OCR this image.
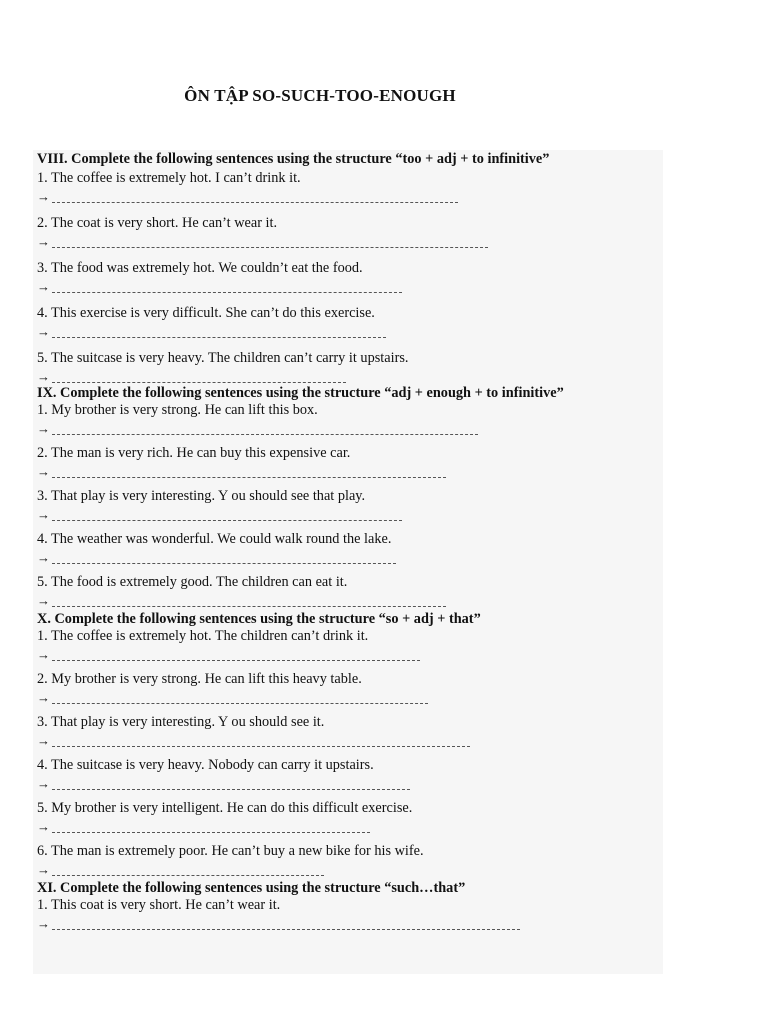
ÔN TẬP SO-SUCH-TOO-ENOUGH
VIII. Complete the following sentences using the structure “too + adj + to infinitive”
1. The coffee is extremely hot. I can’t drink it.
→
2. The coat is very short. He can’t wear it.
→
3. The food was extremely hot. We couldn’t eat the food.
→
4. This exercise is very difficult. She can’t do this exercise.
→
5. The suitcase is very heavy. The children can’t carry it upstairs.
→
IX. Complete the following sentences using the structure “adj + enough + to infinitive”
1. My brother is very strong. He can lift this box.
→
2. The man is very rich. He can buy this expensive car.
→
3. That play is very interesting. Y ou should see that play.
→
4. The weather was wonderful. We could walk round the lake.
→
5. The food is extremely good. The children can eat it.
→
X. Complete the following sentences using the structure “so + adj + that”
1. The coffee is extremely hot. The children can’t drink it.
→
2. My brother is very strong. He can lift this heavy table.
→
3. That play is very interesting. Y ou should see it.
→
4. The suitcase is very heavy. Nobody can carry it upstairs.
→
5. My brother is very intelligent. He can do this difficult exercise.
→
6. The man is extremely poor. He can’t buy a new bike for his wife.
→
XI. Complete the following sentences using the structure “such…that”
1. This coat is very short. He can’t wear it.
→
